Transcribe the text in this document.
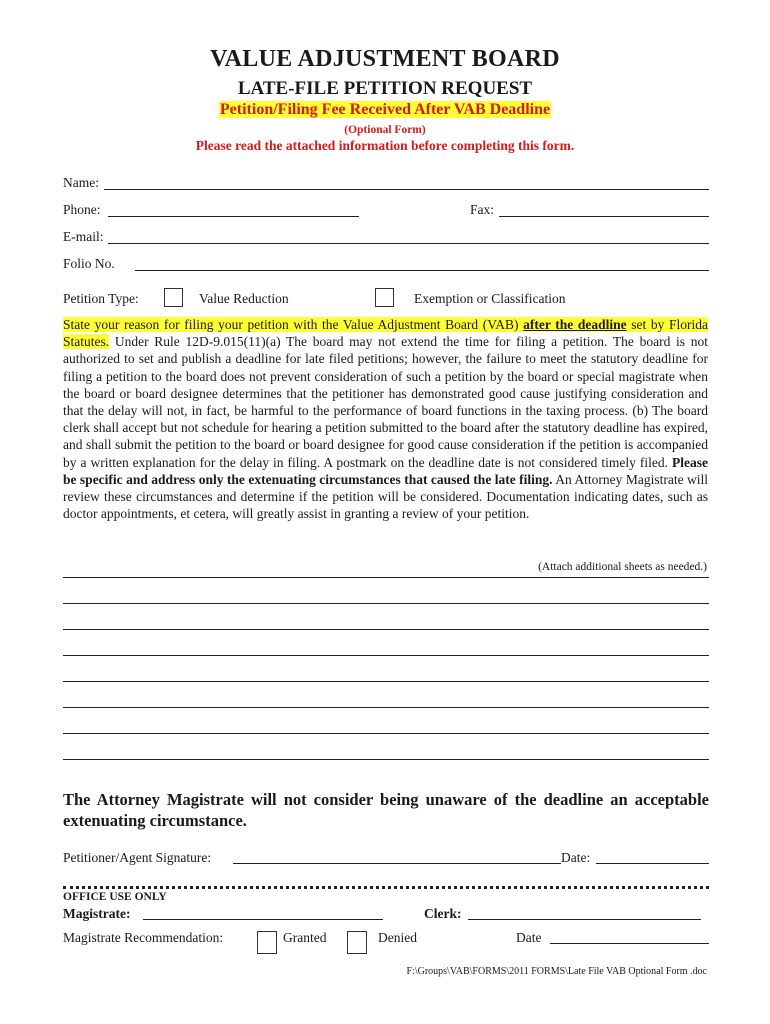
VALUE ADJUSTMENT BOARD
LATE-FILE PETITION REQUEST
Petition/Filing Fee Received After VAB Deadline
(Optional Form)
Please read the attached information before completing this form.
Name:
Phone:	Fax:
E-mail:
Folio No.
Petition Type:	Value Reduction	Exemption or Classification
State your reason for filing your petition with the Value Adjustment Board (VAB) after the deadline set by Florida Statutes. Under Rule 12D-9.015(11)(a) The board may not extend the time for filing a petition. The board is not authorized to set and publish a deadline for late filed petitions; however, the failure to meet the statutory deadline for filing a petition to the board does not prevent consideration of such a petition by the board or special magistrate when the board or board designee determines that the petitioner has demonstrated good cause justifying consideration and that the delay will not, in fact, be harmful to the performance of board functions in the taxing process. (b) The board clerk shall accept but not schedule for hearing a petition submitted to the board after the statutory deadline has expired, and shall submit the petition to the board or board designee for good cause consideration if the petition is accompanied by a written explanation for the delay in filing. A postmark on the deadline date is not considered timely filed. Please be specific and address only the extenuating circumstances that caused the late filing. An Attorney Magistrate will review these circumstances and determine if the petition will be considered. Documentation indicating dates, such as doctor appointments, et cetera, will greatly assist in granting a review of your petition.
(Attach additional sheets as needed.)
The Attorney Magistrate will not consider being unaware of the deadline an acceptable extenuating circumstance.
Petitioner/Agent Signature:	Date:
OFFICE USE ONLY
Magistrate:	Clerk:
Magistrate Recommendation:	Granted	Denied	Date
F:\Groups\VAB\FORMS\2011 FORMS\Late File VAB Optional Form .doc
